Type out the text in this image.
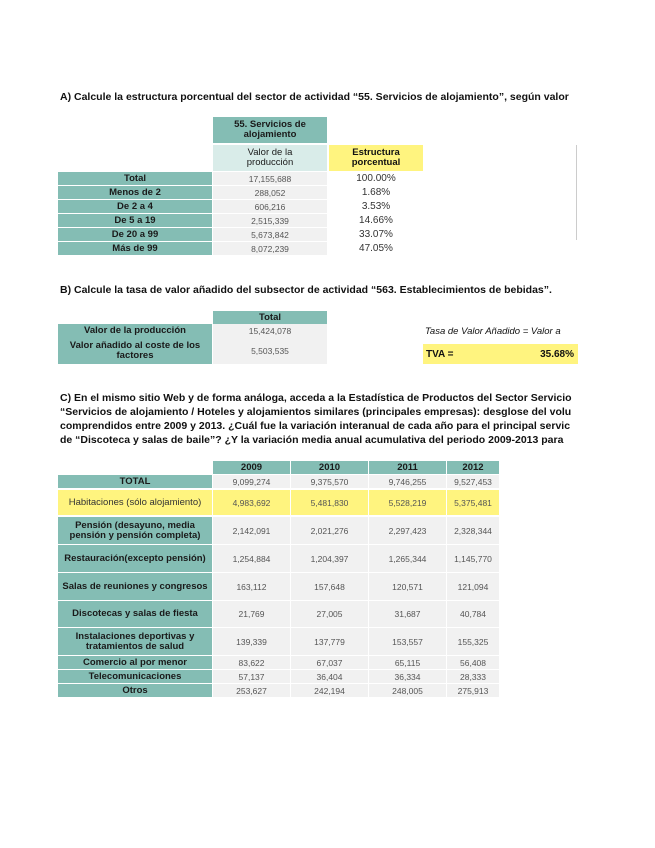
A) Calcule la estructura porcentual del sector de actividad “55. Servicios de alojamiento”, según valor
55. Servicios de alojamiento
Valor de la producción
Estructura porcentual
Total	17,155,688	100.00%
Menos de 2	288,052	1.68%
De 2 a 4	606,216	3.53%
De 5 a 19	2,515,339	14.66%
De 20 a 99	5,673,842	33.07%
Más de 99	8,072,239	47.05%
B) Calcule la tasa de valor añadido del subsector de actividad “563. Establecimientos de bebidas”.
Total
Valor de la producción	15,424,078
Valor añadido al coste de los factores	5,503,535
Tasa de Valor Añadido = Valor a
TVA =	35.68%
C) En el mismo sitio Web y de forma análoga, acceda a la Estadística de Productos del Sector Servicio
“Servicios de alojamiento / Hoteles y alojamientos similares (principales empresas): desglose del volu
comprendidos entre 2009 y 2013. ¿Cuál fue la variación interanual de cada año para el principal servic
de “Discoteca y salas de baile”? ¿Y la variación media anual acumulativa del periodo 2009-2013 para
2009	2010	2011	2012
TOTAL	9,099,274	9,375,570	9,746,255	9,527,453
Habitaciones (sólo alojamiento)	4,983,692	5,481,830	5,528,219	5,375,481
Pensión (desayuno, media pensión y pensión completa)	2,142,091	2,021,276	2,297,423	2,328,344
Restauración(excepto pensión)	1,254,884	1,204,397	1,265,344	1,145,770
Salas de reuniones y congresos	163,112	157,648	120,571	121,094
Discotecas y salas de fiesta	21,769	27,005	31,687	40,784
Instalaciones deportivas y tratamientos de salud	139,339	137,779	153,557	155,325
Comercio al por menor	83,622	67,037	65,115	56,408
Telecomunicaciones	57,137	36,404	36,334	28,333
Otros	253,627	242,194	248,005	275,913
